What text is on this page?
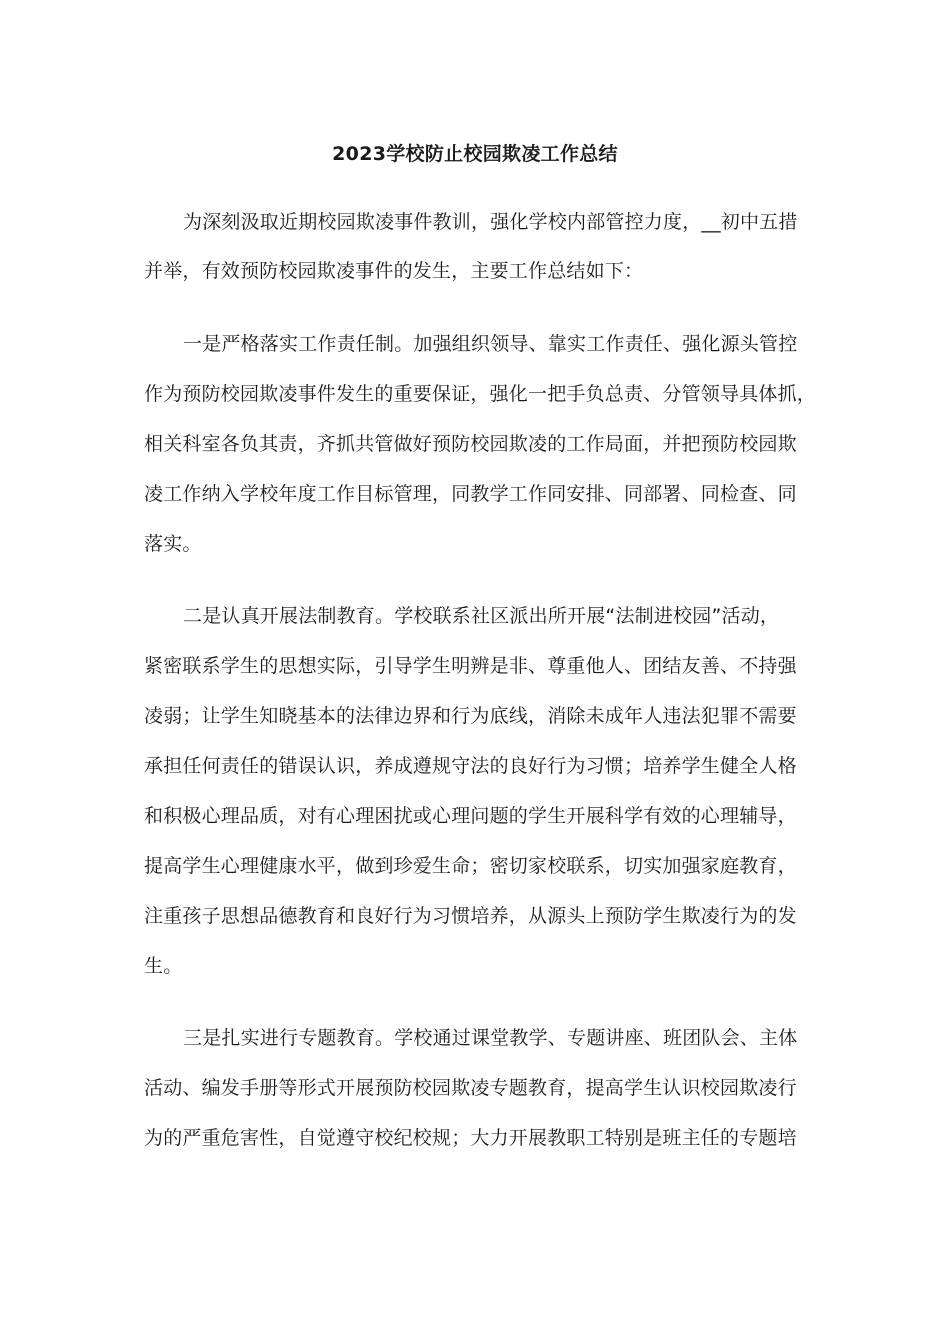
2023学校防止校园欺凌工作总结
为深刻汲取近期校园欺凌事件教训，强化学校内部管控力度，__初中五措
并举，有效预防校园欺凌事件的发生，主要工作总结如下：
一是严格落实工作责任制。加强组织领导、靠实工作责任、强化源头管控
作为预防校园欺凌事件发生的重要保证，强化一把手负总责、分管领导具体抓，
相关科室各负其责，齐抓共管做好预防校园欺凌的工作局面，并把预防校园欺
凌工作纳入学校年度工作目标管理，同教学工作同安排、同部署、同检查、同
落实。
二是认真开展法制教育。学校联系社区派出所开展“法制进校园”活动，
紧密联系学生的思想实际，引导学生明辨是非、尊重他人、团结友善、不持强
凌弱；让学生知晓基本的法律边界和行为底线，消除未成年人违法犯罪不需要
承担任何责任的错误认识，养成遵规守法的良好行为习惯；培养学生健全人格
和积极心理品质，对有心理困扰或心理问题的学生开展科学有效的心理辅导，
提高学生心理健康水平，做到珍爱生命；密切家校联系，切实加强家庭教育，
注重孩子思想品德教育和良好行为习惯培养，从源头上预防学生欺凌行为的发
生。
三是扎实进行专题教育。学校通过课堂教学、专题讲座、班团队会、主体
活动、编发手册等形式开展预防校园欺凌专题教育，提高学生认识校园欺凌行
为的严重危害性，自觉遵守校纪校规；大力开展教职工特别是班主任的专题培
